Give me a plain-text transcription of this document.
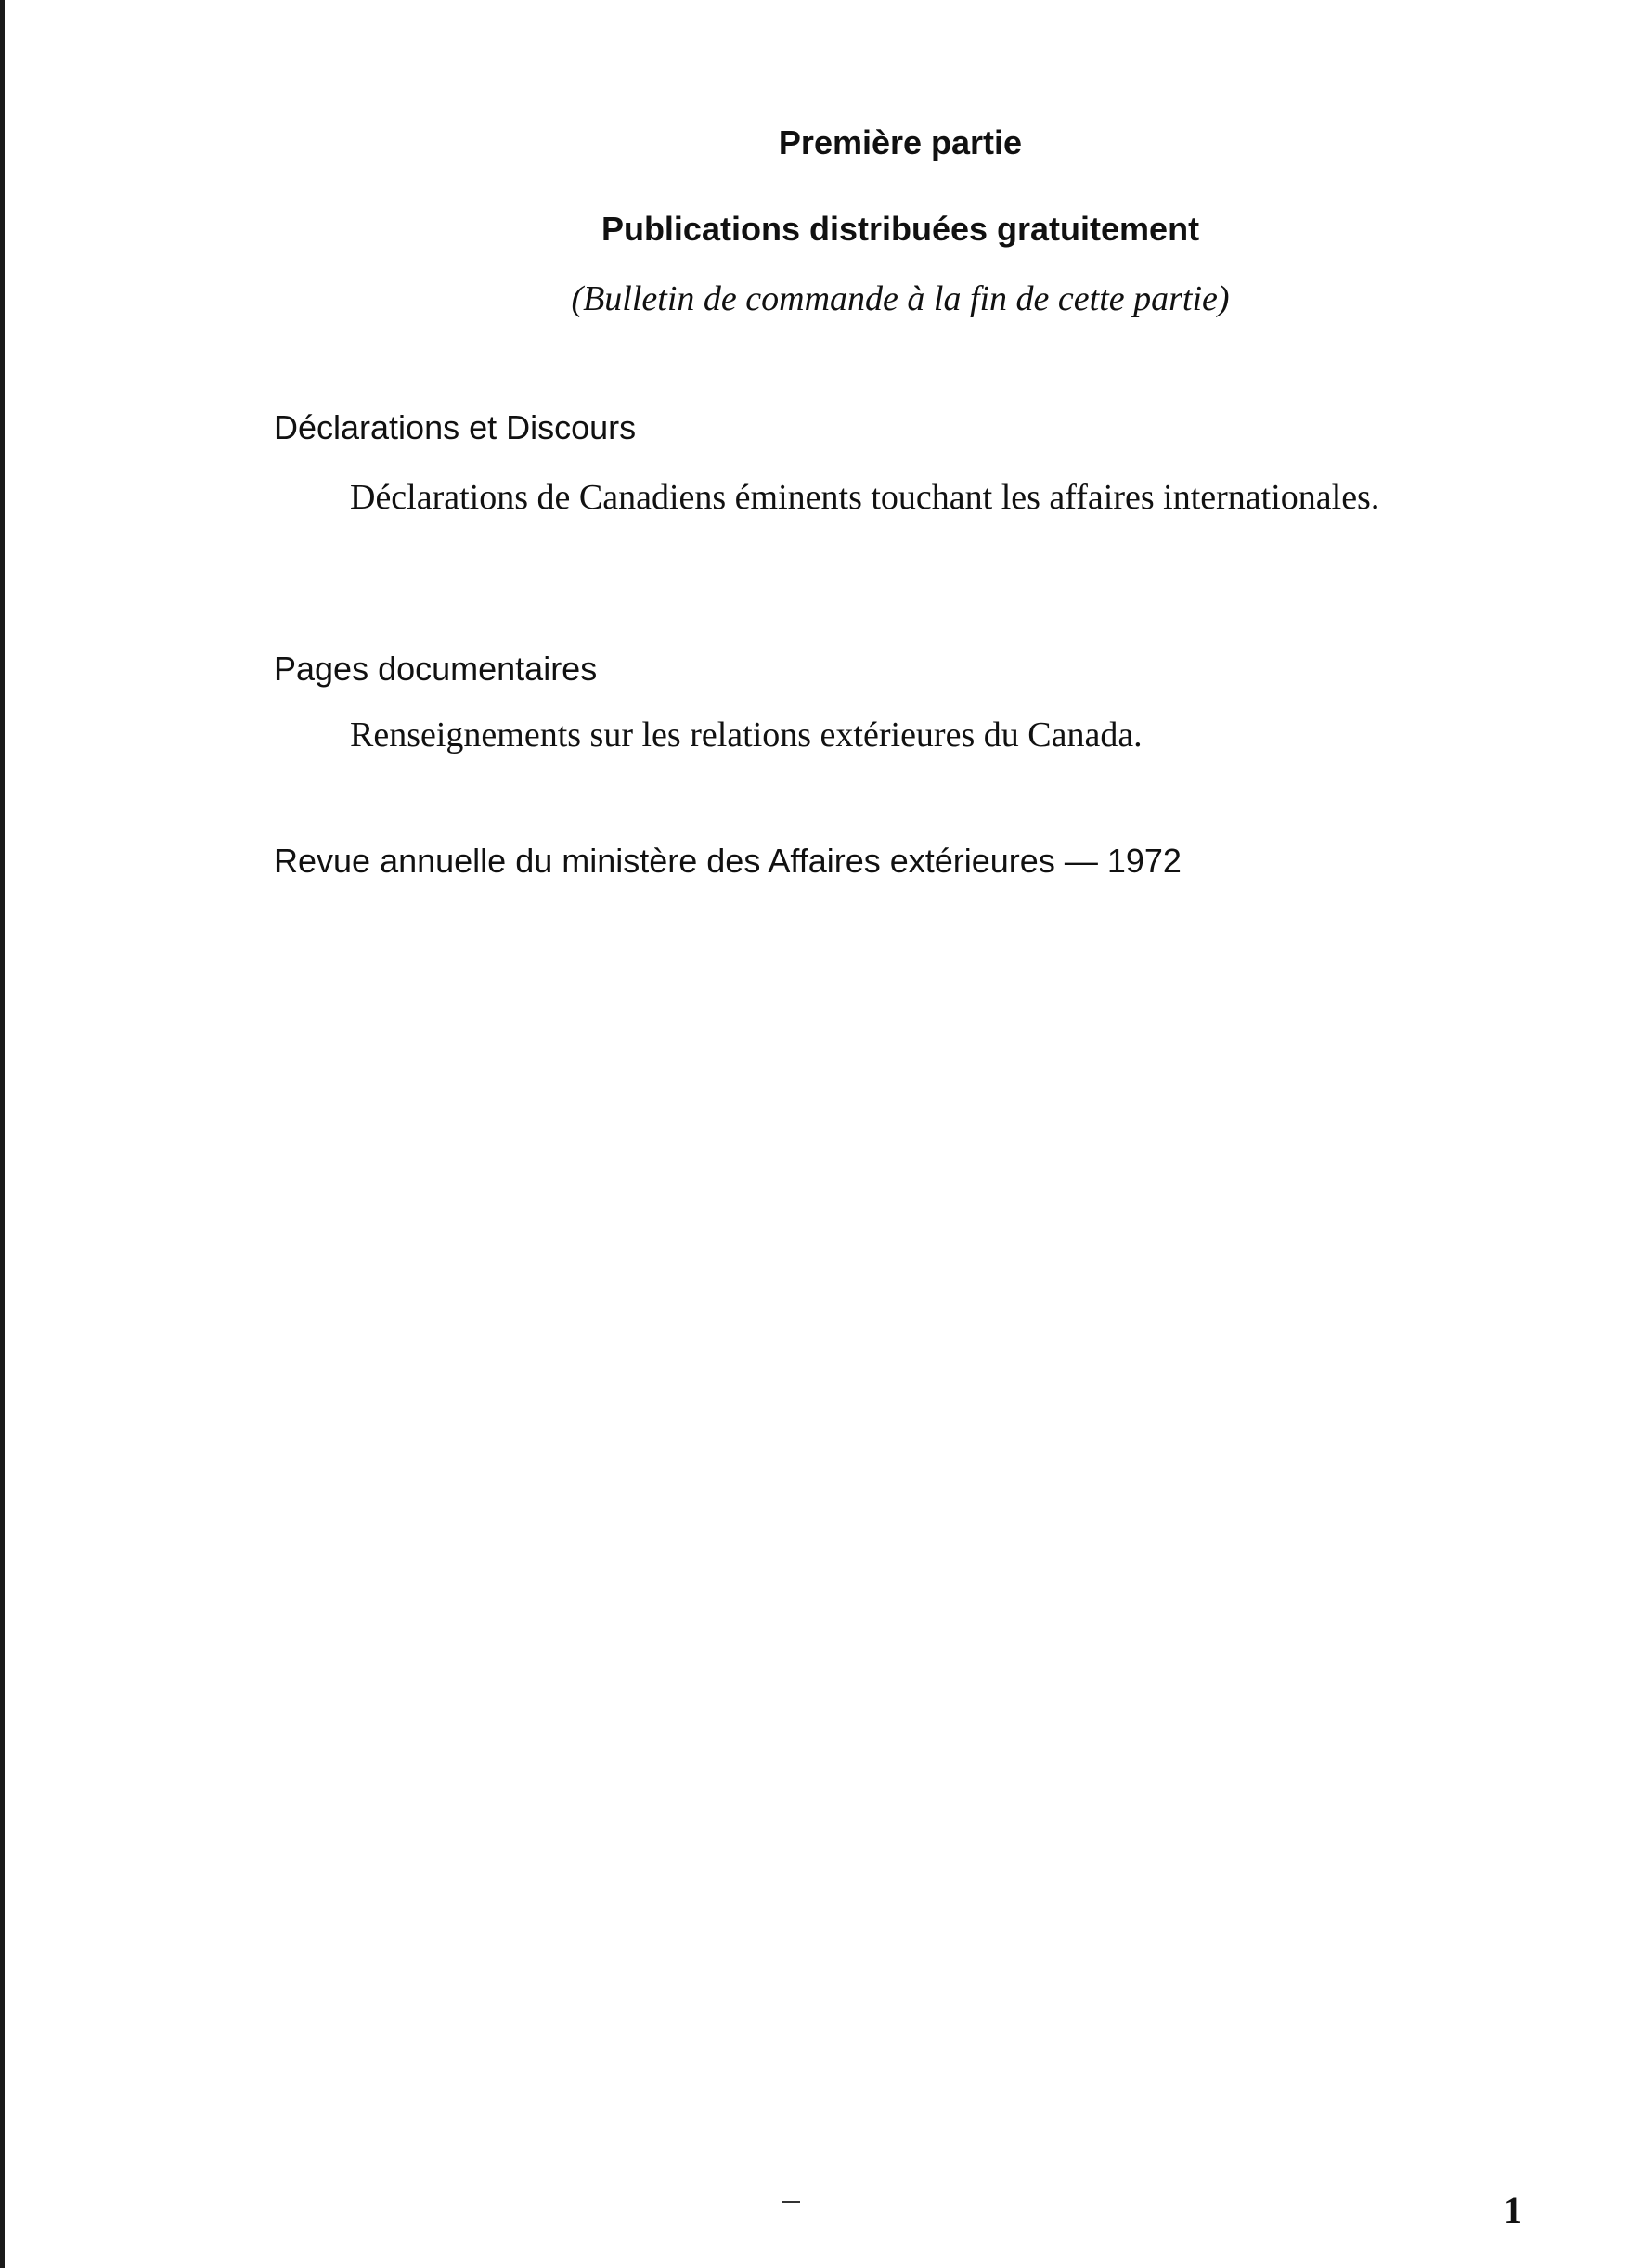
Première partie
Publications distribuées gratuitement
(Bulletin de commande à la fin de cette partie)
Déclarations et Discours
Déclarations de Canadiens éminents touchant les affaires internationales.
Pages documentaires
Renseignements sur les relations extérieures du Canada.
Revue annuelle du ministère des Affaires extérieures — 1972
1
